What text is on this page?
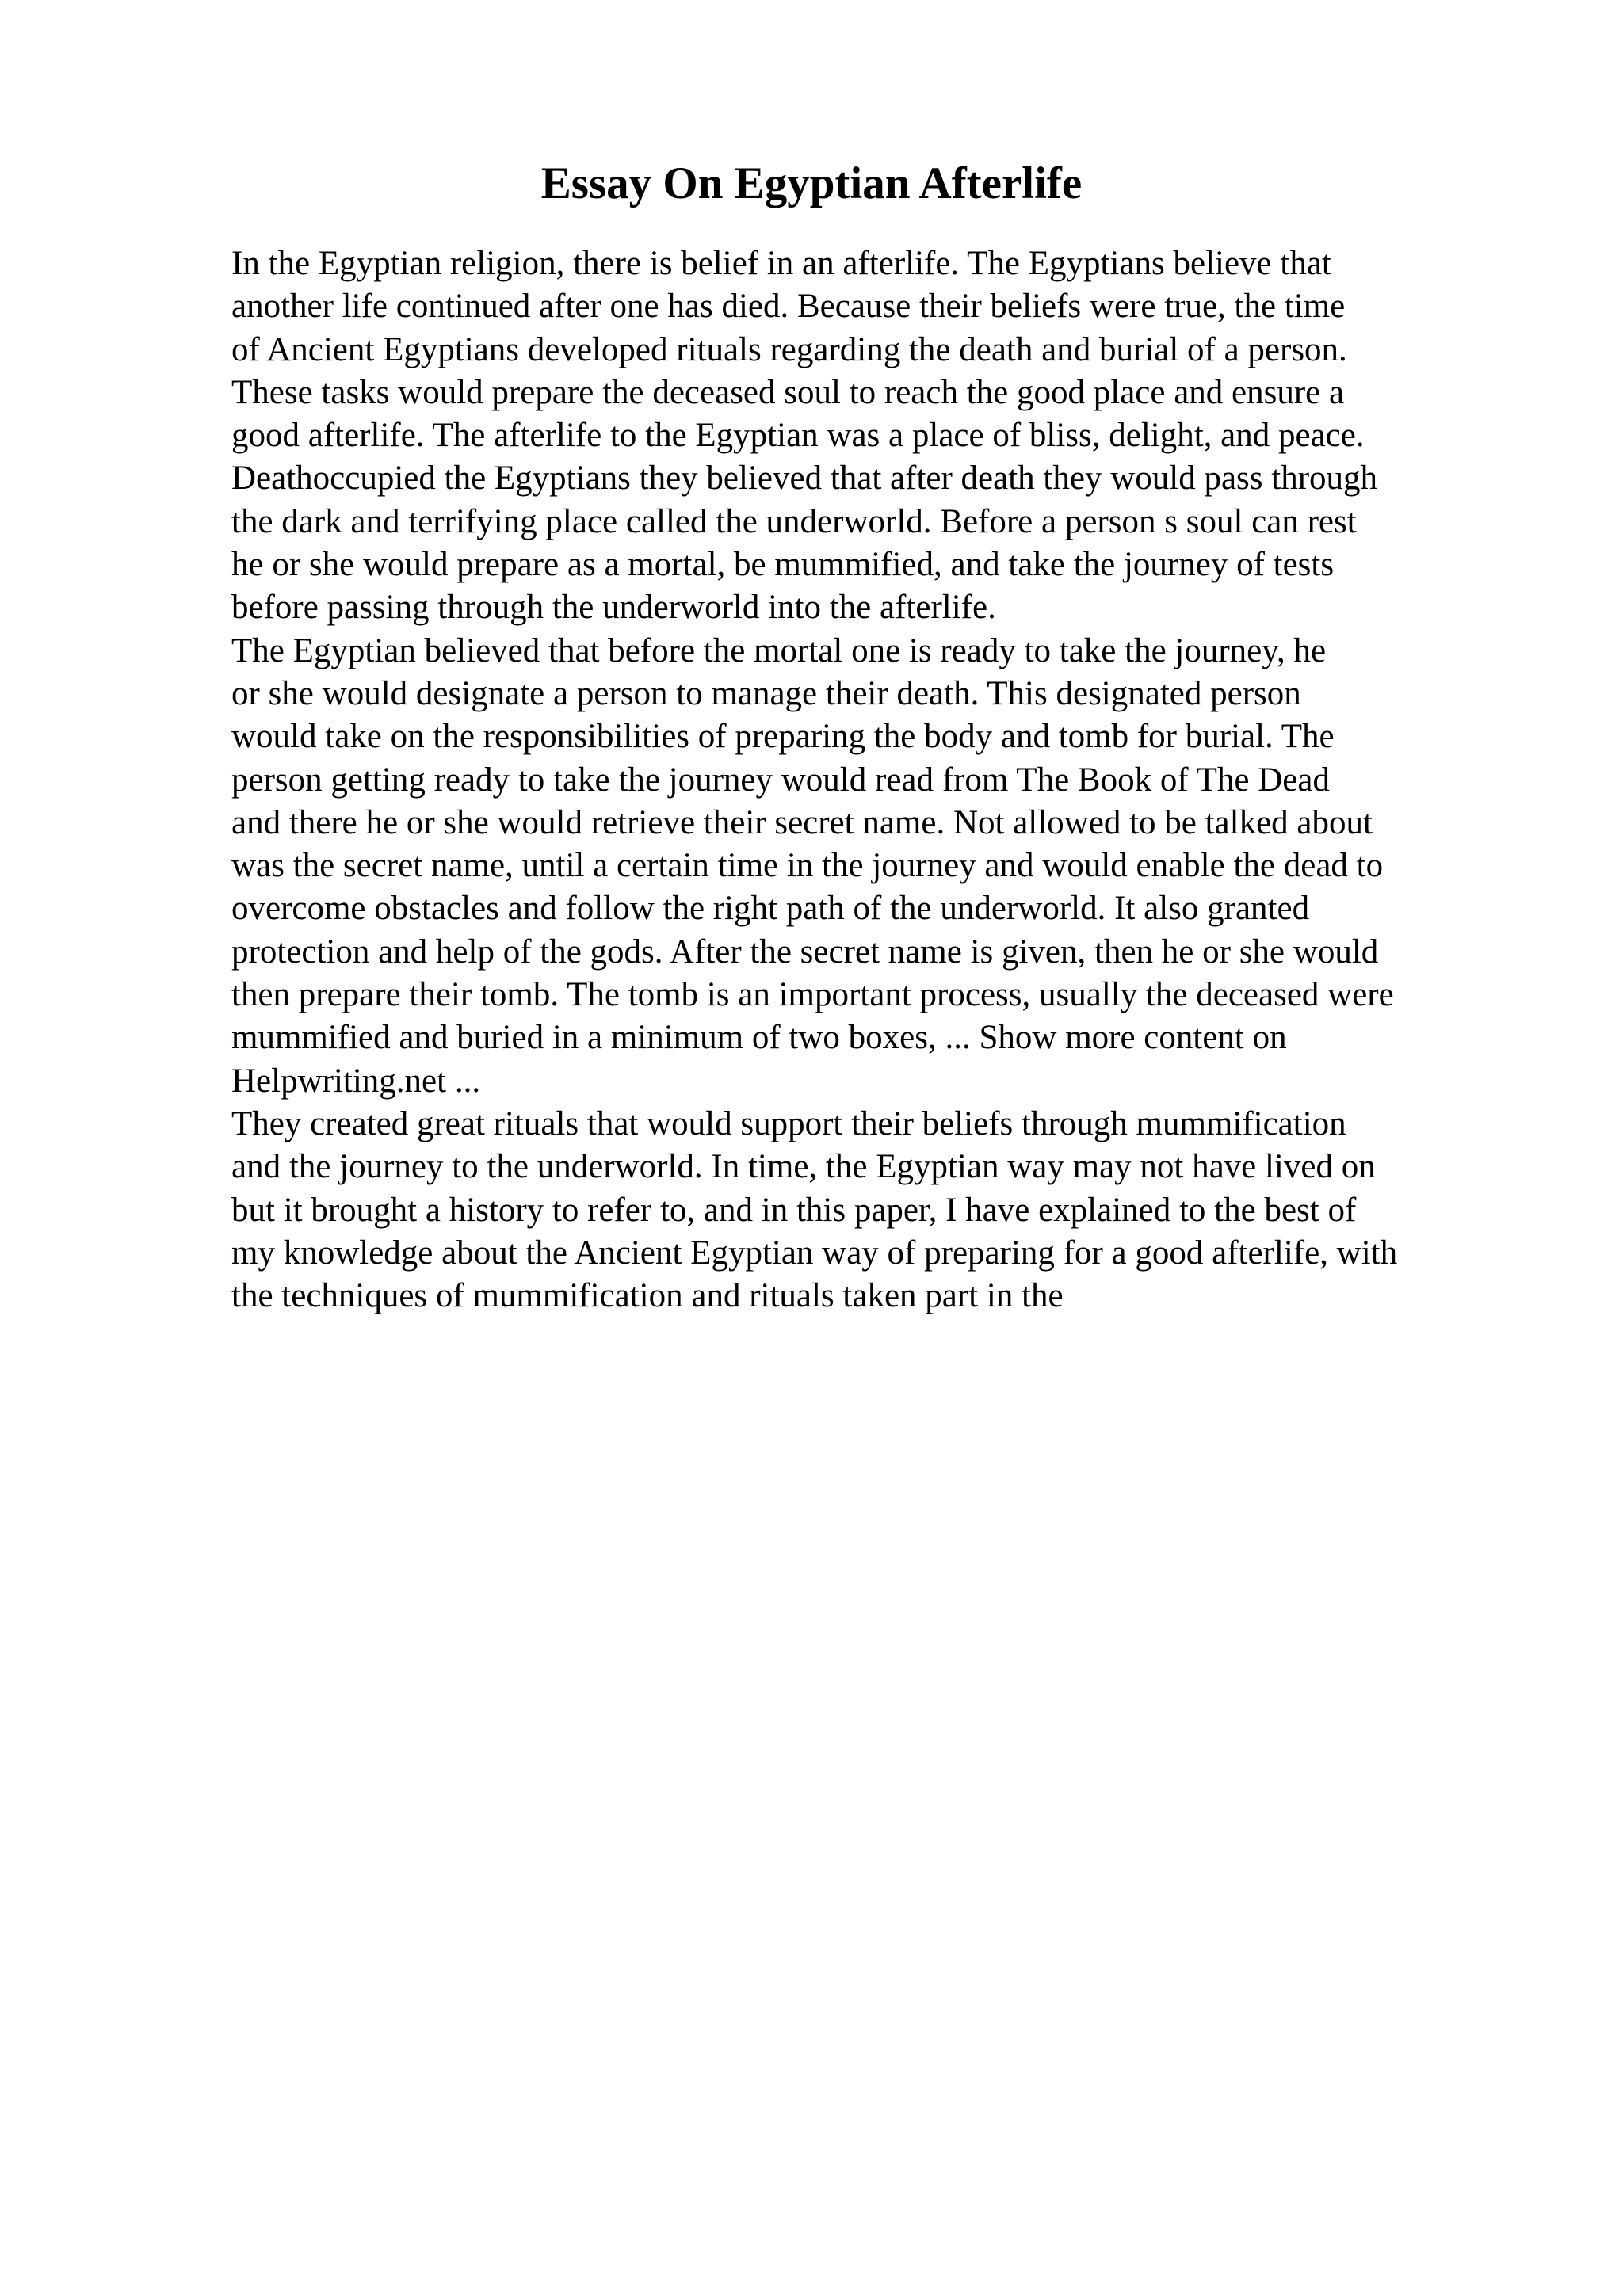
Essay On Egyptian Afterlife
In the Egyptian religion, there is belief in an afterlife. The Egyptians believe that
another life continued after one has died. Because their beliefs were true, the time
of Ancient Egyptians developed rituals regarding the death and burial of a person.
These tasks would prepare the deceased soul to reach the good place and ensure a
good afterlife. The afterlife to the Egyptian was a place of bliss, delight, and peace.
Deathoccupied the Egyptians they believed that after death they would pass through
the dark and terrifying place called the underworld. Before a person s soul can rest
he or she would prepare as a mortal, be mummified, and take the journey of tests
before passing through the underworld into the afterlife.
The Egyptian believed that before the mortal one is ready to take the journey, he
or she would designate a person to manage their death. This designated person
would take on the responsibilities of preparing the body and tomb for burial. The
person getting ready to take the journey would read from The Book of The Dead
and there he or she would retrieve their secret name. Not allowed to be talked about
was the secret name, until a certain time in the journey and would enable the dead to
overcome obstacles and follow the right path of the underworld. It also granted
protection and help of the gods. After the secret name is given, then he or she would
then prepare their tomb. The tomb is an important process, usually the deceased were
mummified and buried in a minimum of two boxes, ... Show more content on
Helpwriting.net ...
They created great rituals that would support their beliefs through mummification
and the journey to the underworld. In time, the Egyptian way may not have lived on
but it brought a history to refer to, and in this paper, I have explained to the best of
my knowledge about the Ancient Egyptian way of preparing for a good afterlife, with
the techniques of mummification and rituals taken part in the
